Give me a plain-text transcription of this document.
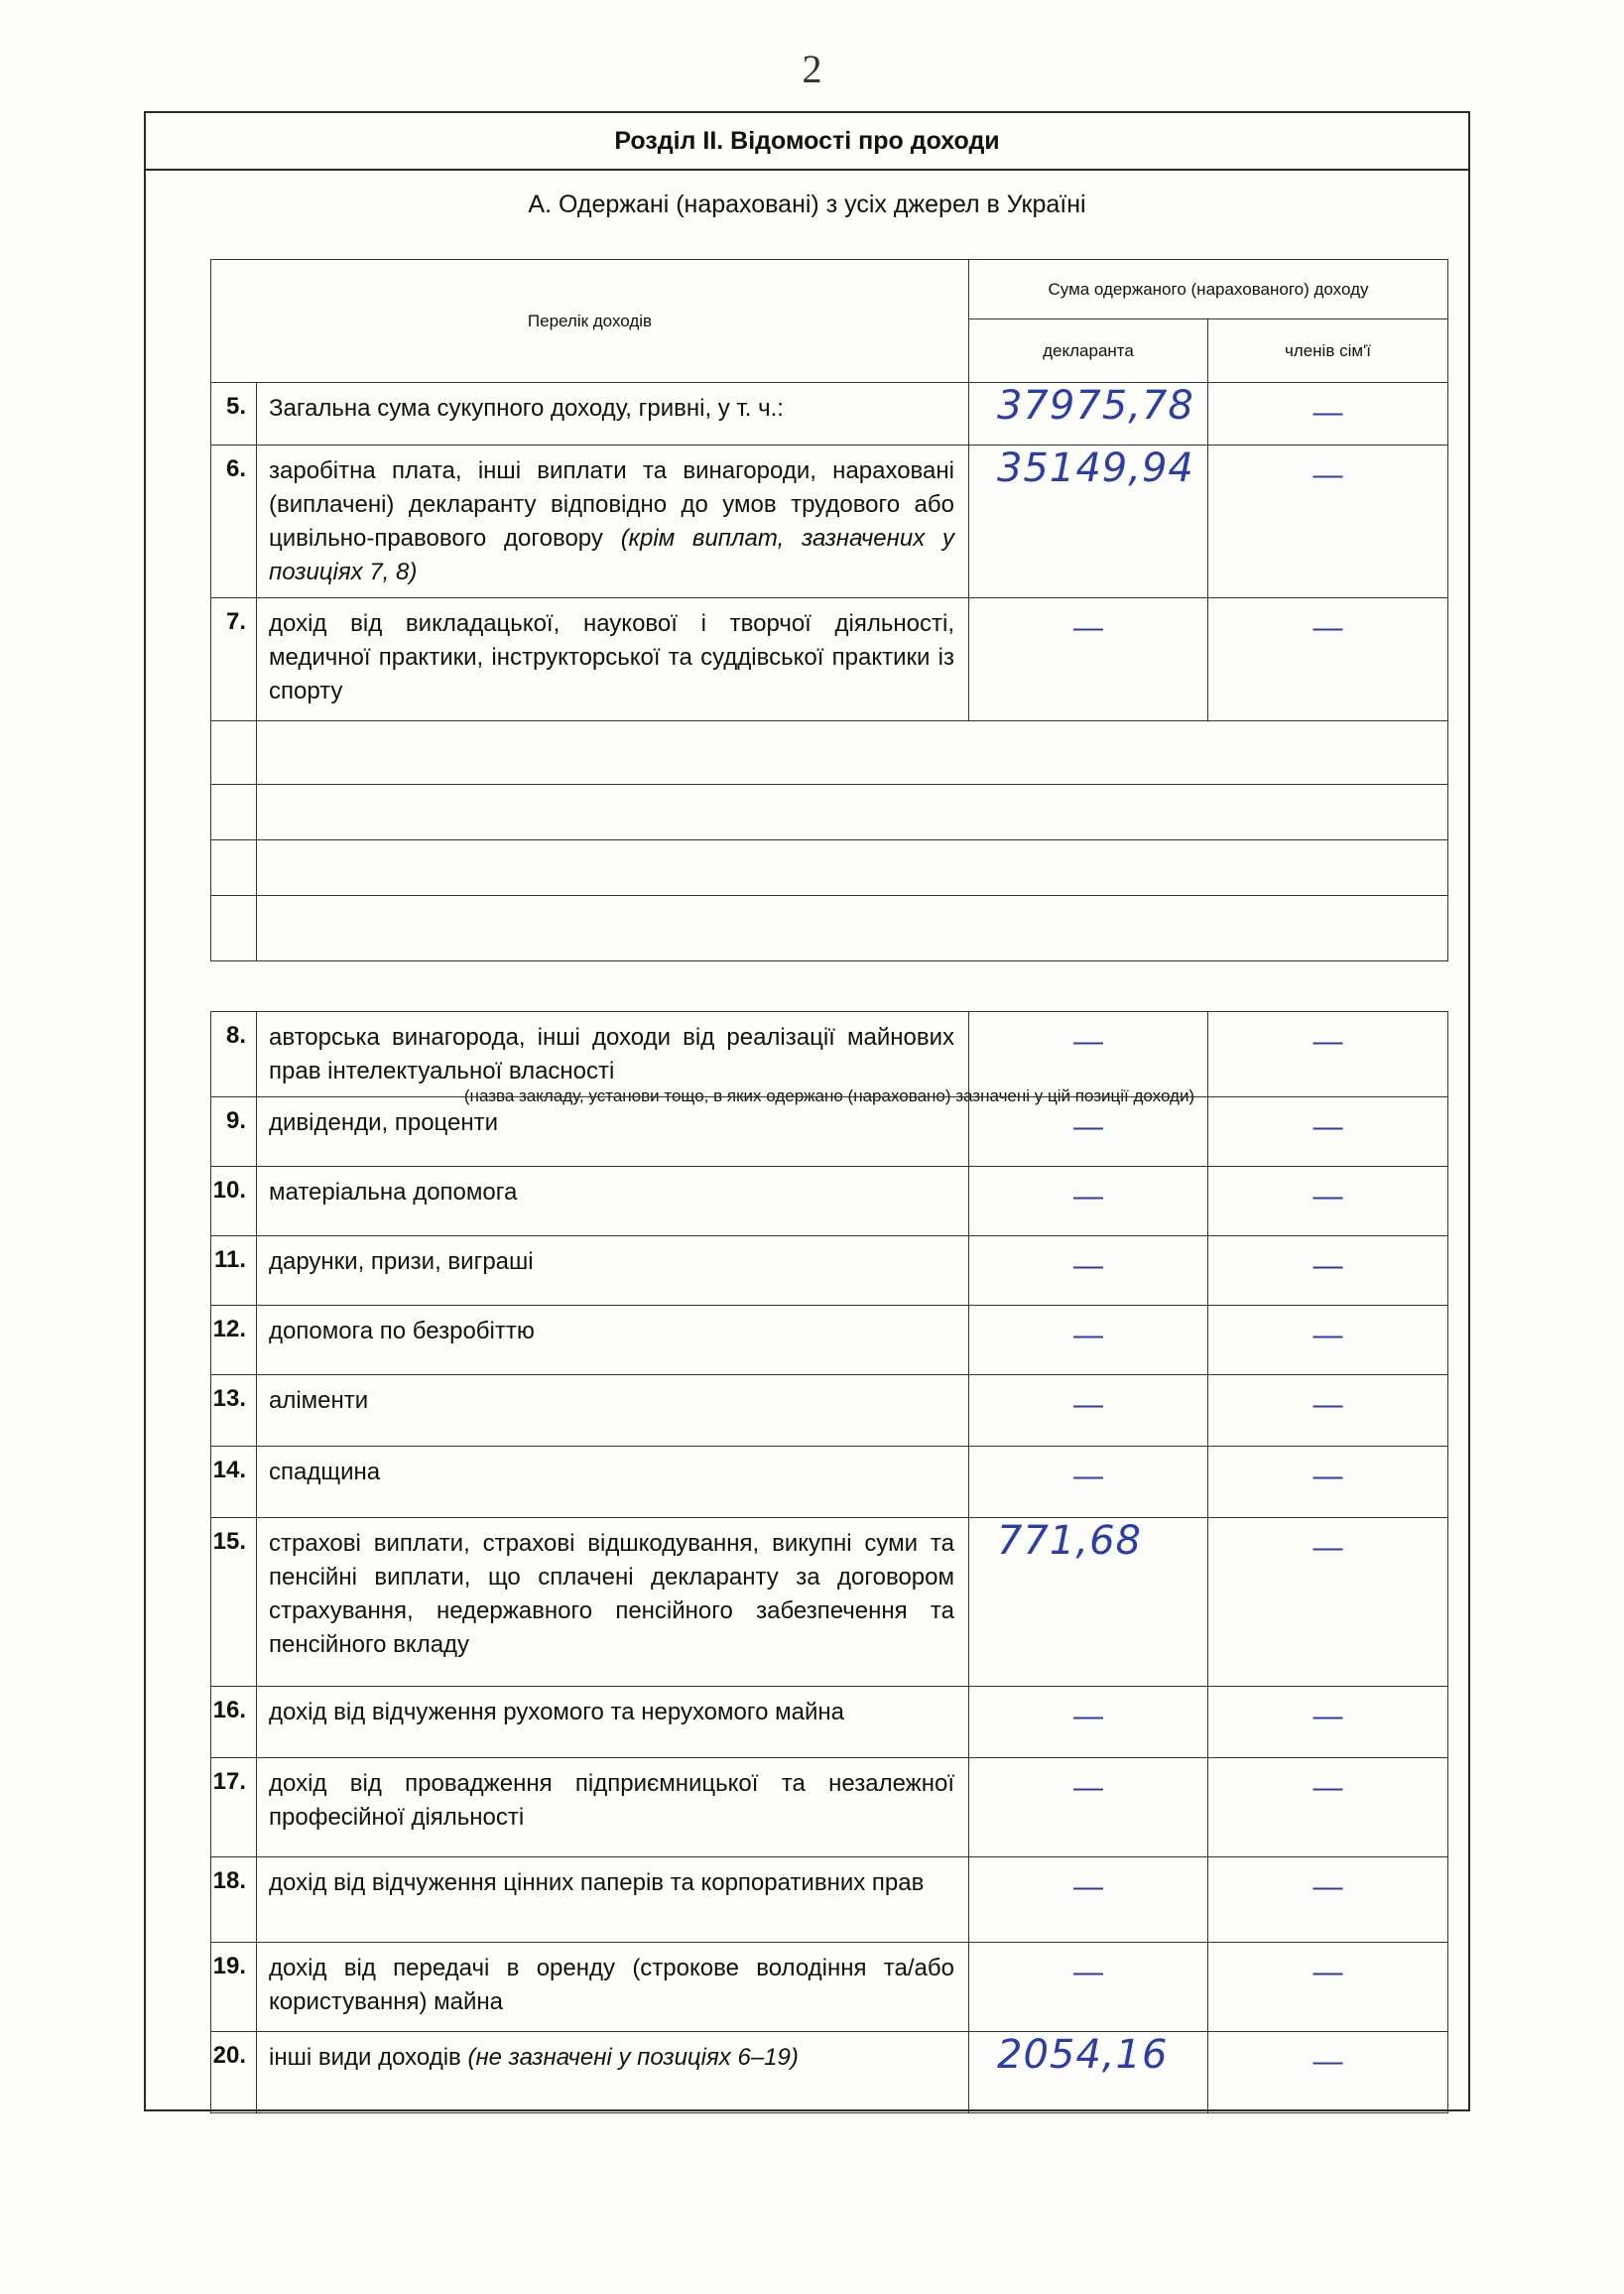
2
Розділ II. Відомості про доходи
А. Одержані (нараховані) з усіх джерел в Україні
Перелік доходів		Сума одержаного (нарахованого) доходу	
		декларанта	членів сім'ї
5.	Загальна сума сукупного доходу, гривні, у т. ч.:	37975,78	—
6.	заробітна плата, інші виплати та винагороди, нараховані (виплачені) декларанту відповідно до умов трудового або цивільно-правового договору (крім виплат, зазначених у позиціях 7, 8)	35149,94	—
7.	дохід від викладацької, наукової і творчої діяльності, медичної практики, інструкторської та суддівської практики із спорту	—	—

(назва закладу, установи тощо, в яких одержано (нараховано) зазначені у цій позиції доходи)
8.	авторська винагорода, інші доходи від реалізації майнових прав інтелектуальної власності	—	—
9.	дивіденди, проценти	—	—
10.	матеріальна допомога	—	—
11.	дарунки, призи, виграші	—	—
12.	допомога по безробіттю	—	—
13.	аліменти	—	—
14.	спадщина	—	—
15.	страхові виплати, страхові відшкодування, викупні суми та пенсійні виплати, що сплачені декларанту за договором страхування, недержавного пенсійного забезпечення та пенсійного вкладу	771,68	—
16.	дохід від відчуження рухомого та нерухомого майна	—	—
17.	дохід від провадження підприємницької та незалежної професійної діяльності	—	—
18.	дохід від відчуження цінних паперів та корпоративних прав	—	—
19.	дохід від передачі в оренду (строкове володіння та/або користування) майна	—	—
20.	інші види доходів (не зазначені у позиціях 6–19)	2054,16	—
